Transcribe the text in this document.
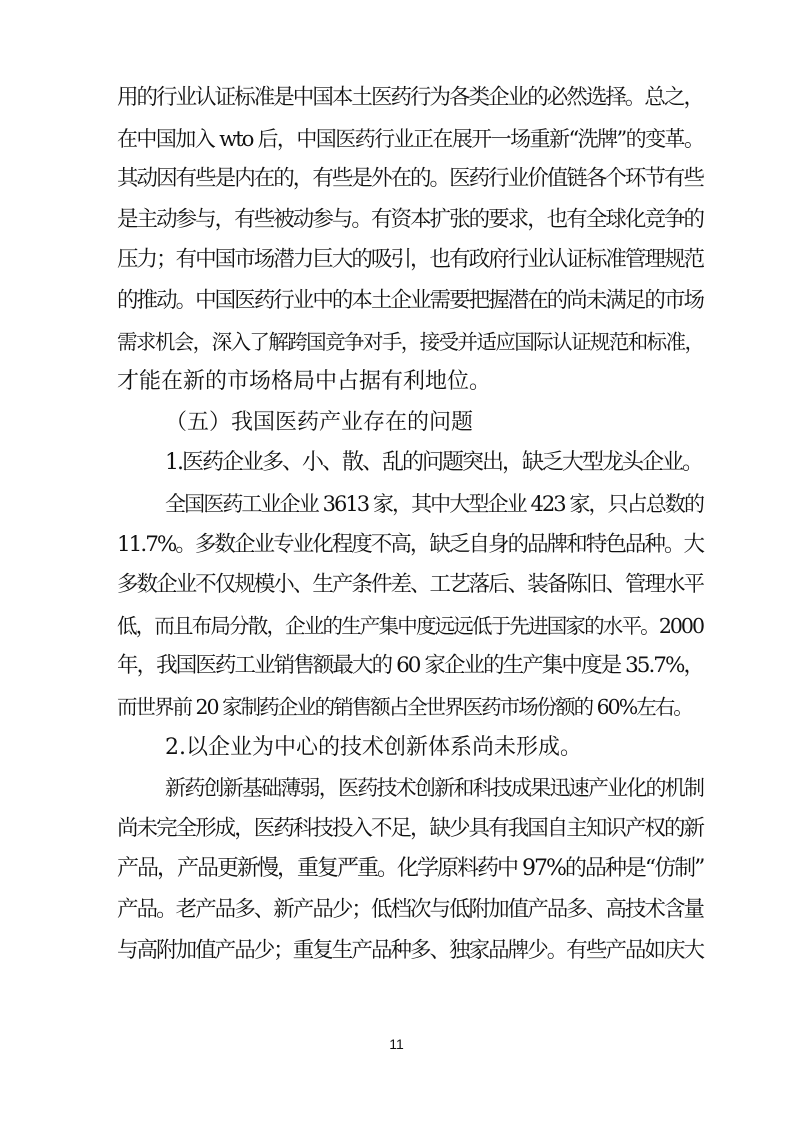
用的行业认证标准是中国本土医药行为各类企业的必然选择。总之，
在中国加入 wto 后，中国医药行业正在展开一场重新“洗牌”的变革。
其动因有些是内在的，有些是外在的。医药行业价值链各个环节有些
是主动参与，有些被动参与。有资本扩张的要求，也有全球化竞争的
压力；有中国市场潜力巨大的吸引，也有政府行业认证标准管理规范
的推动。中国医药行业中的本土企业需要把握潜在的尚未满足的市场
需求机会，深入了解跨国竞争对手，接受并适应国际认证规范和标准，
才能在新的市场格局中占据有利地位。
（五）我国医药产业存在的问题
1.医药企业多、小、散、乱的问题突出，缺乏大型龙头企业。
全国医药工业企业 3613 家，其中大型企业 423 家，只占总数的
11.7%。多数企业专业化程度不高，缺乏自身的品牌和特色品种。大
多数企业不仅规模小、生产条件差、工艺落后、装备陈旧、管理水平
低，而且布局分散，企业的生产集中度远远低于先进国家的水平。2000
年，我国医药工业销售额最大的 60 家企业的生产集中度是 35.7%，
而世界前 20 家制药企业的销售额占全世界医药市场份额的 60%左右。
2.以企业为中心的技术创新体系尚未形成。
新药创新基础薄弱，医药技术创新和科技成果迅速产业化的机制
尚未完全形成，医药科技投入不足，缺少具有我国自主知识产权的新
产品，产品更新慢，重复严重。化学原料药中 97%的品种是“仿制”
产品。老产品多、新产品少；低档次与低附加值产品多、高技术含量
与高附加值产品少；重复生产品种多、独家品牌少。有些产品如庆大
11
